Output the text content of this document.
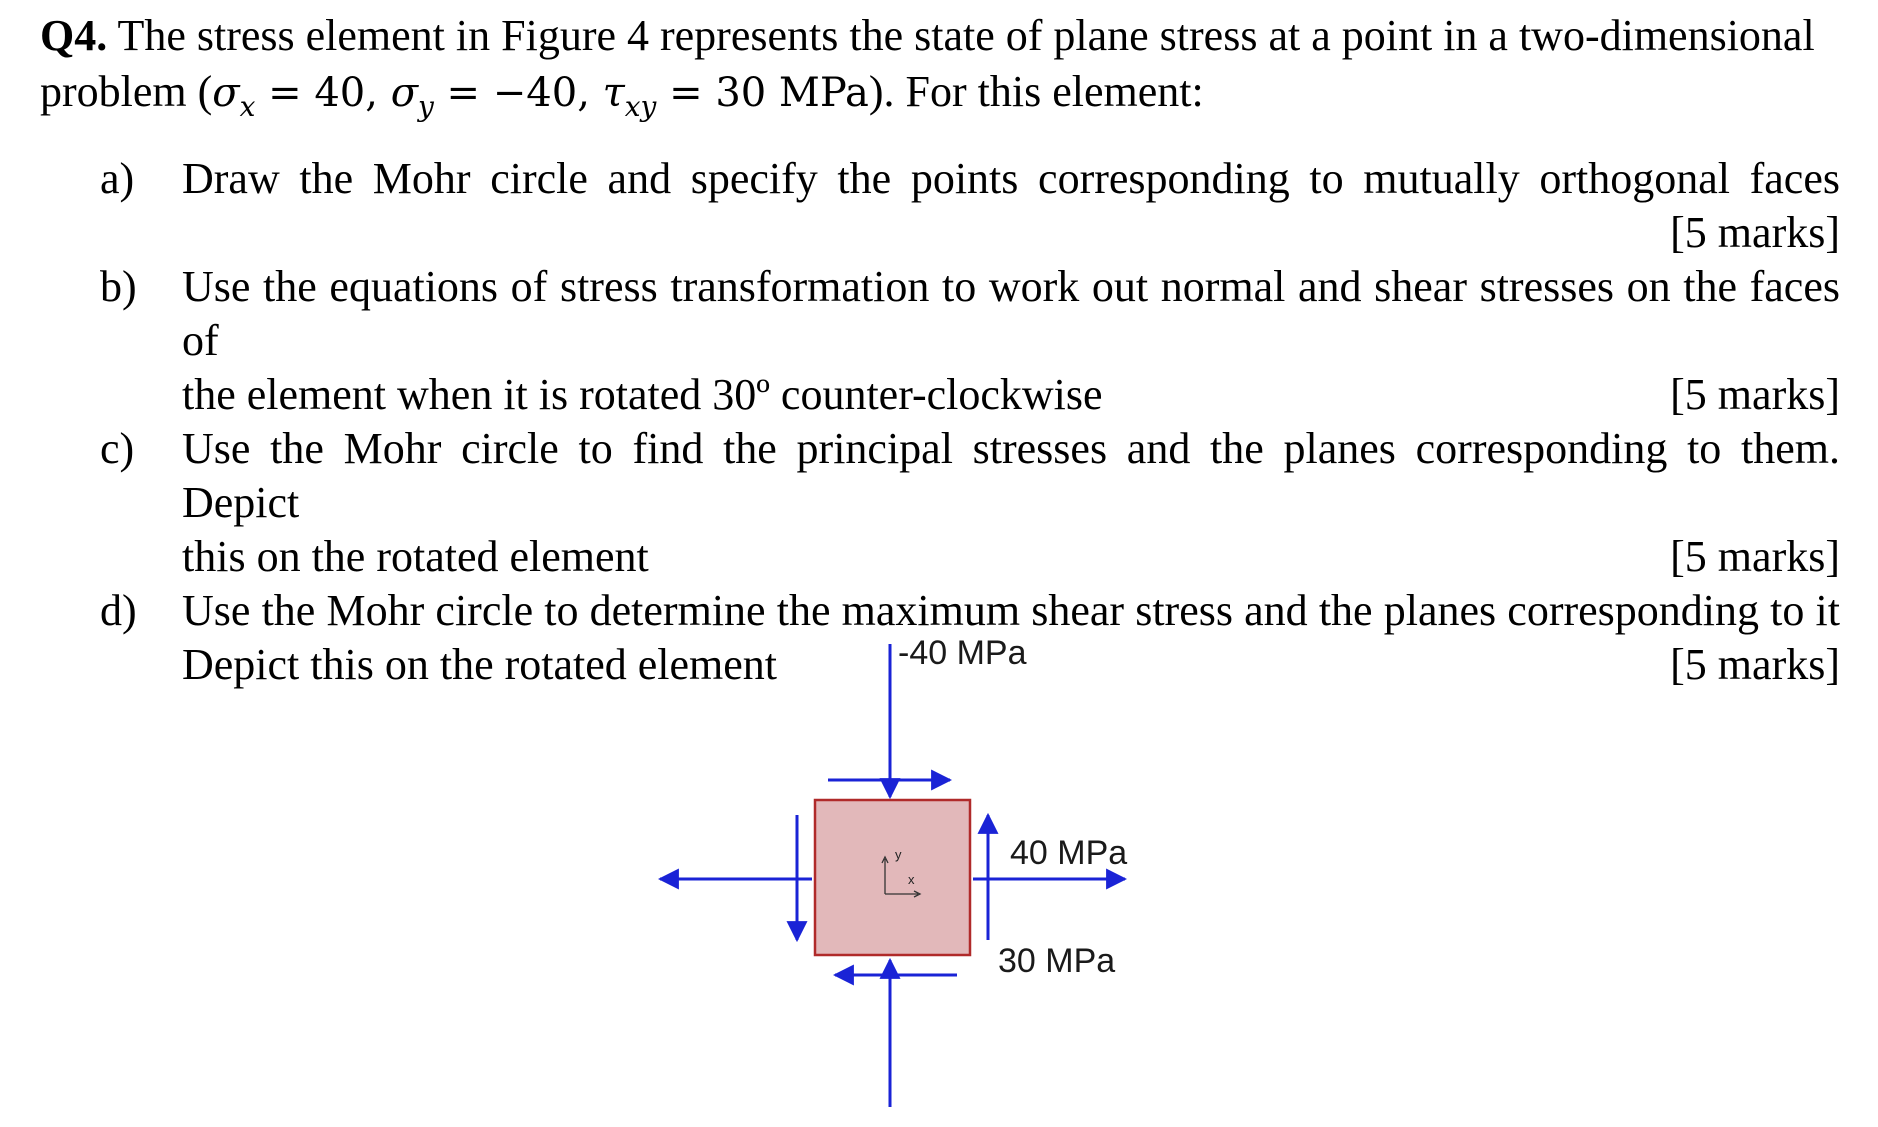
Q4. The stress element in Figure 4 represents the state of plane stress at a point in a two-dimensional
problem ($\sigma_x = 40$, $\sigma_y = -40$, $\tau_{xy} = 30$ MPa). For this element:
a) Draw the Mohr circle and specify the points corresponding to mutually orthogonal faces
[5 marks]
b) Use the equations of stress transformation to work out normal and shear stresses on the faces of
the element when it is rotated 30º counter-clockwise	[5 marks]
c) Use the Mohr circle to find the principal stresses and the planes corresponding to them. Depict
this on the rotated element	[5 marks]
d) Use the Mohr circle to determine the maximum shear stress and the planes corresponding to it
Depict this on the rotated element	[5 marks]
y
x
-40 MPa
40 MPa
30 MPa
